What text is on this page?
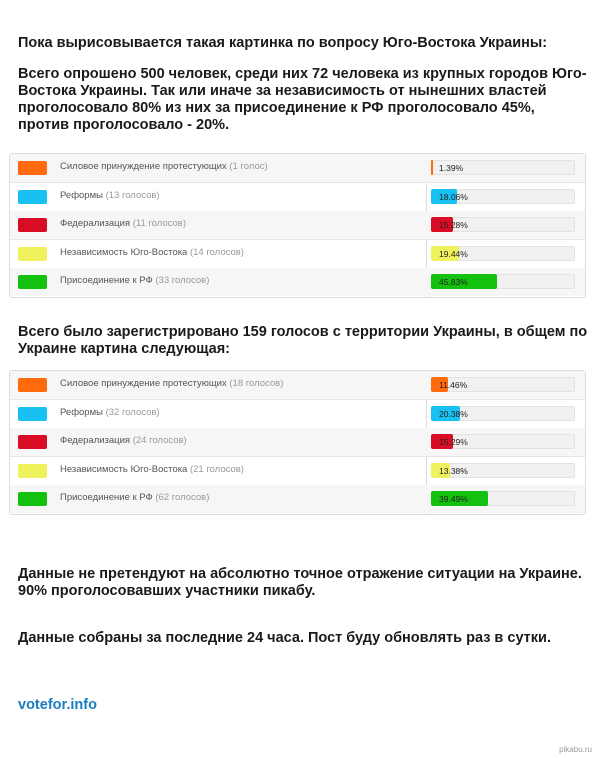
Пока вырисовывается такая картинка по вопросу Юго-Востока Украины:
Всего опрошено 500 человек, среди них 72 человека из крупных городов Юго-Востока Украины. Так или иначе за независимость от нынешних властей проголосовало 80% из них за присоединение к РФ проголосовало 45%, против проголосовало - 20%.
Силовое принуждение протестующих (1 голос)	1.39%
Реформы (13 голосов)	18.06%
Федерализация (11 голосов)	15.28%
Независимость Юго-Востока (14 голосов)	19.44%
Присоединение к РФ (33 голосов)	45.83%
Всего было зарегистрировано 159 голосов с территории Украины, в общем по Украине картина следующая:
Силовое принуждение протестующих (18 голосов)	11.46%
Реформы (32 голосов)	20.38%
Федерализация (24 голосов)	15.29%
Независимость Юго-Востока (21 голосов)	13.38%
Присоединение к РФ (62 голосов)	39.49%
Данные не претендуют на абсолютно точное отражение ситуации на Украине. 90% проголосовавших участники пикабу.
Данные собраны за последние 24 часа. Пост буду обновлять раз в сутки.
votefor.info
pikabu.ru
